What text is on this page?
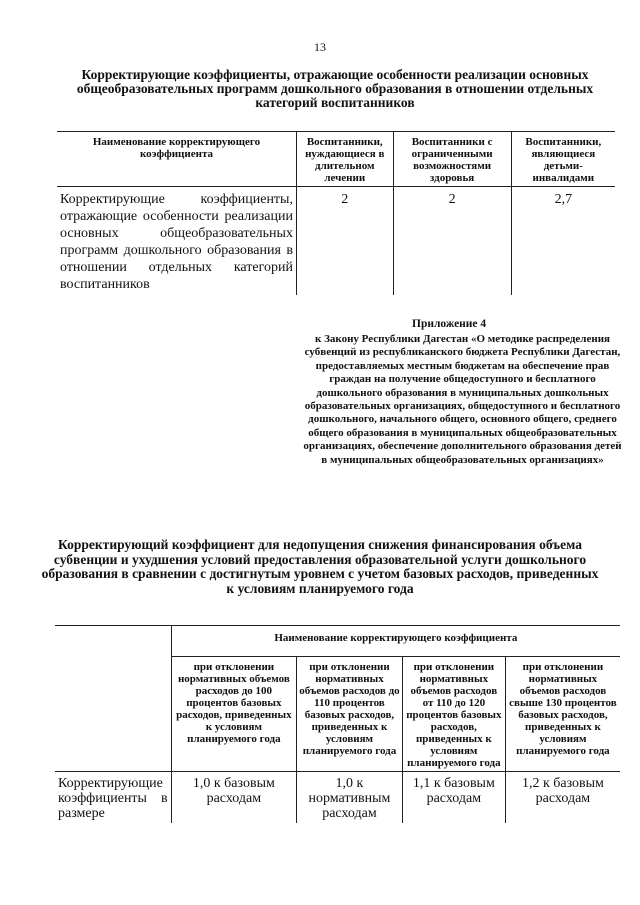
13
Корректирующие коэффициенты, отражающие особенности реализации основных общеобразовательных программ дошкольного образования в отношении отдельных категорий воспитанников
Наименование корректирующего коэффициента	Воспитанники, нуждающиеся в длительном лечении	Воспитанники с ограниченными возможностями здоровья	Воспитанники, являющиеся детьми-инвалидами
Корректирующие коэффициенты, отражающие особенности реализации основных общеобразовательных программ дошкольного образования в отношении отдельных категорий воспитанников	2	2	2,7
Приложение 4
к Закону Республики Дагестан «О методике распределения субвенций из республиканского бюджета Республики Дагестан, предоставляемых местным бюджетам на обеспечение прав граждан на получение общедоступного и бесплатного дошкольного образования в муниципальных дошкольных образовательных организациях, общедоступного и бесплатного дошкольного, начального общего, основного общего, среднего общего образования в муниципальных общеобразовательных организациях, обеспечение дополнительного образования детей в муниципальных общеобразовательных организациях»
Корректирующий коэффициент для недопущения снижения финансирования объема субвенции и ухудшения условий предоставления образовательной услуги дошкольного образования в сравнении с достигнутым уровнем с учетом базовых расходов, приведенных к условиям планируемого года
	Наименование корректирующего коэффициента			
	при отклонении нормативных объемов расходов до 100 процентов базовых расходов, приведенных к условиям планируемого года	при отклонении нормативных объемов расходов до 110 процентов базовых расходов, приведенных к условиям планируемого года	при отклонении нормативных объемов расходов от 110 до 120 процентов базовых расходов, приведенных к условиям планируемого года	при отклонении нормативных объемов расходов свыше 130 процентов базовых расходов, приведенных к условиям планируемого года
Корректирующие коэффициенты в размере	1,0 к базовым расходам	1,0 к нормативным расходам	1,1 к базовым расходам	1,2 к базовым расходам
